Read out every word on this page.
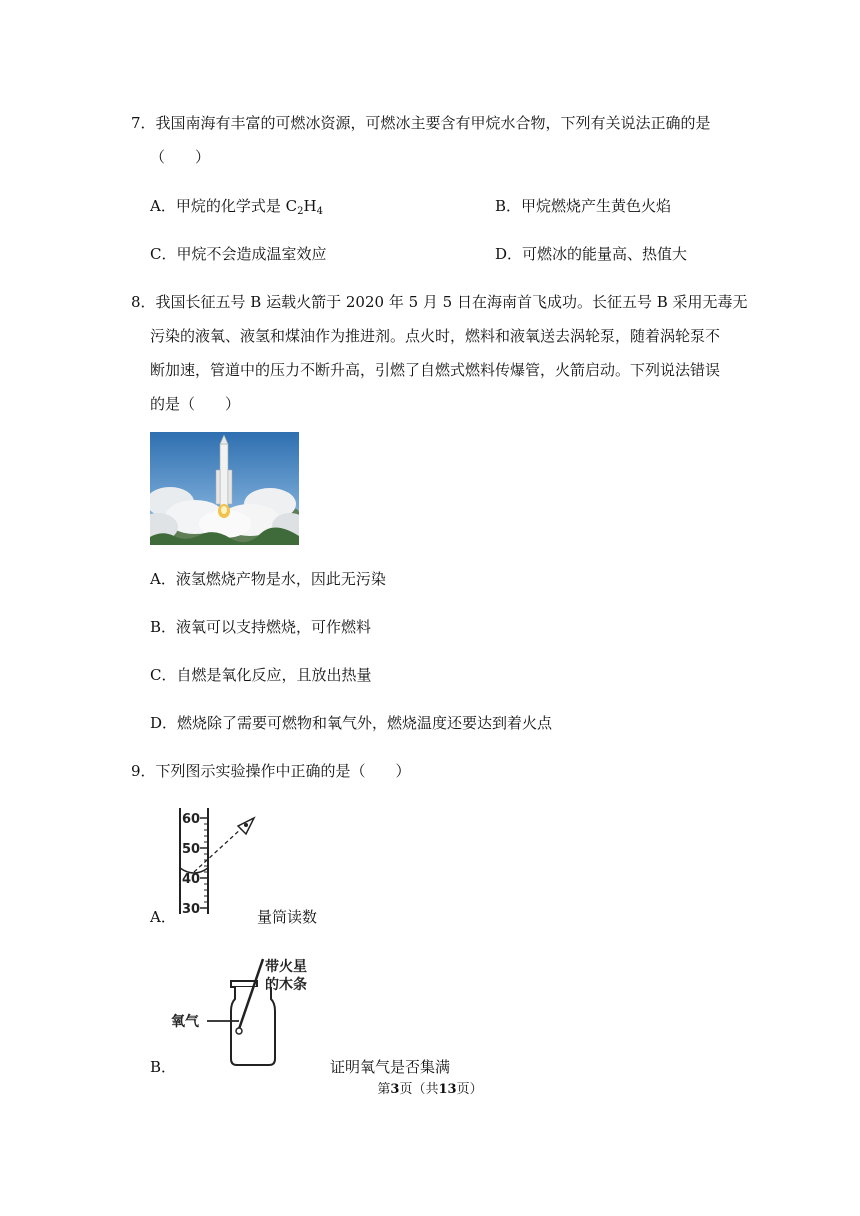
7．我国南海有丰富的可燃冰资源，可燃冰主要含有甲烷水合物，下列有关说法正确的是
（　　）
A．甲烷的化学式是 $C_2H_4$	B．甲烷燃烧产生黄色火焰
C．甲烷不会造成温室效应	D．可燃冰的能量高、热值大
8．我国长征五号 B 运载火箭于 2020 年 5 月 5 日在海南首飞成功。长征五号 B 采用无毒无
污染的液氧、液氢和煤油作为推进剂。点火时，燃料和液氧送去涡轮泵，随着涡轮泵不
断加速，管道中的压力不断升高，引燃了自燃式燃料传爆管，火箭启动。下列说法错误
的是（　　）
A．液氢燃烧产物是水，因此无污染
B．液氧可以支持燃烧，可作燃料
C．自燃是氧化反应，且放出热量
D．燃烧除了需要可燃物和氧气外，燃烧温度还要达到着火点
9．下列图示实验操作中正确的是（　　）
A．
60
50
40
30	量筒读数
B．
带火星
的木条
氧气
证明氧气是否集满
第3页（共13页）
